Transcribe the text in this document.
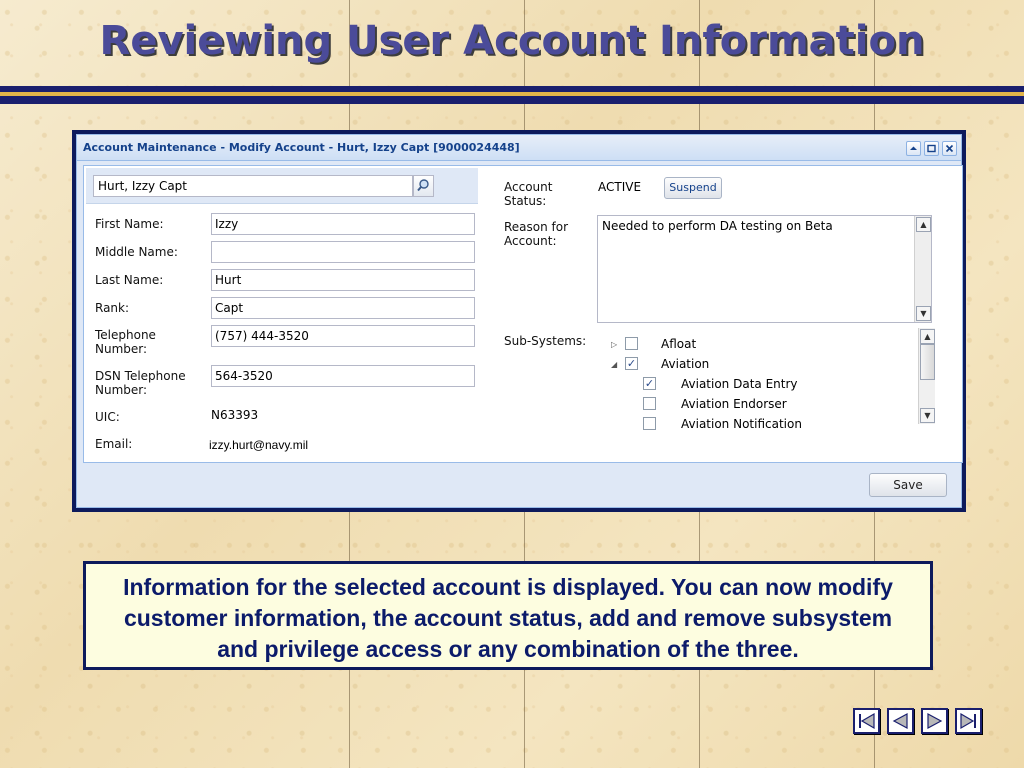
Reviewing User Account Information
Account Maintenance - Modify Account - Hurt, Izzy Capt [9000024448]
Hurt, Izzy Capt
First Name:	Izzy
Middle Name:
Last Name:	Hurt
Rank:	Capt
Telephone Number:
(757) 444-3520
DSN Telephone Number:
564-3520
UIC:	N63393
Email:	izzy.hurt@navy.mil
Account Status:
ACTIVE	Suspend
Reason for Account:
Needed to perform DA testing on Beta	▲
▼
Sub-Systems:	▷	Afloat
◢ ✓ Aviation
✓ Aviation Data Entry
Aviation Endorser
Aviation Notification
▲
▼
Save
Information for the selected account is displayed. You can now modify customer information, the account status, add and remove subsystem and privilege access or any combination of the three.
